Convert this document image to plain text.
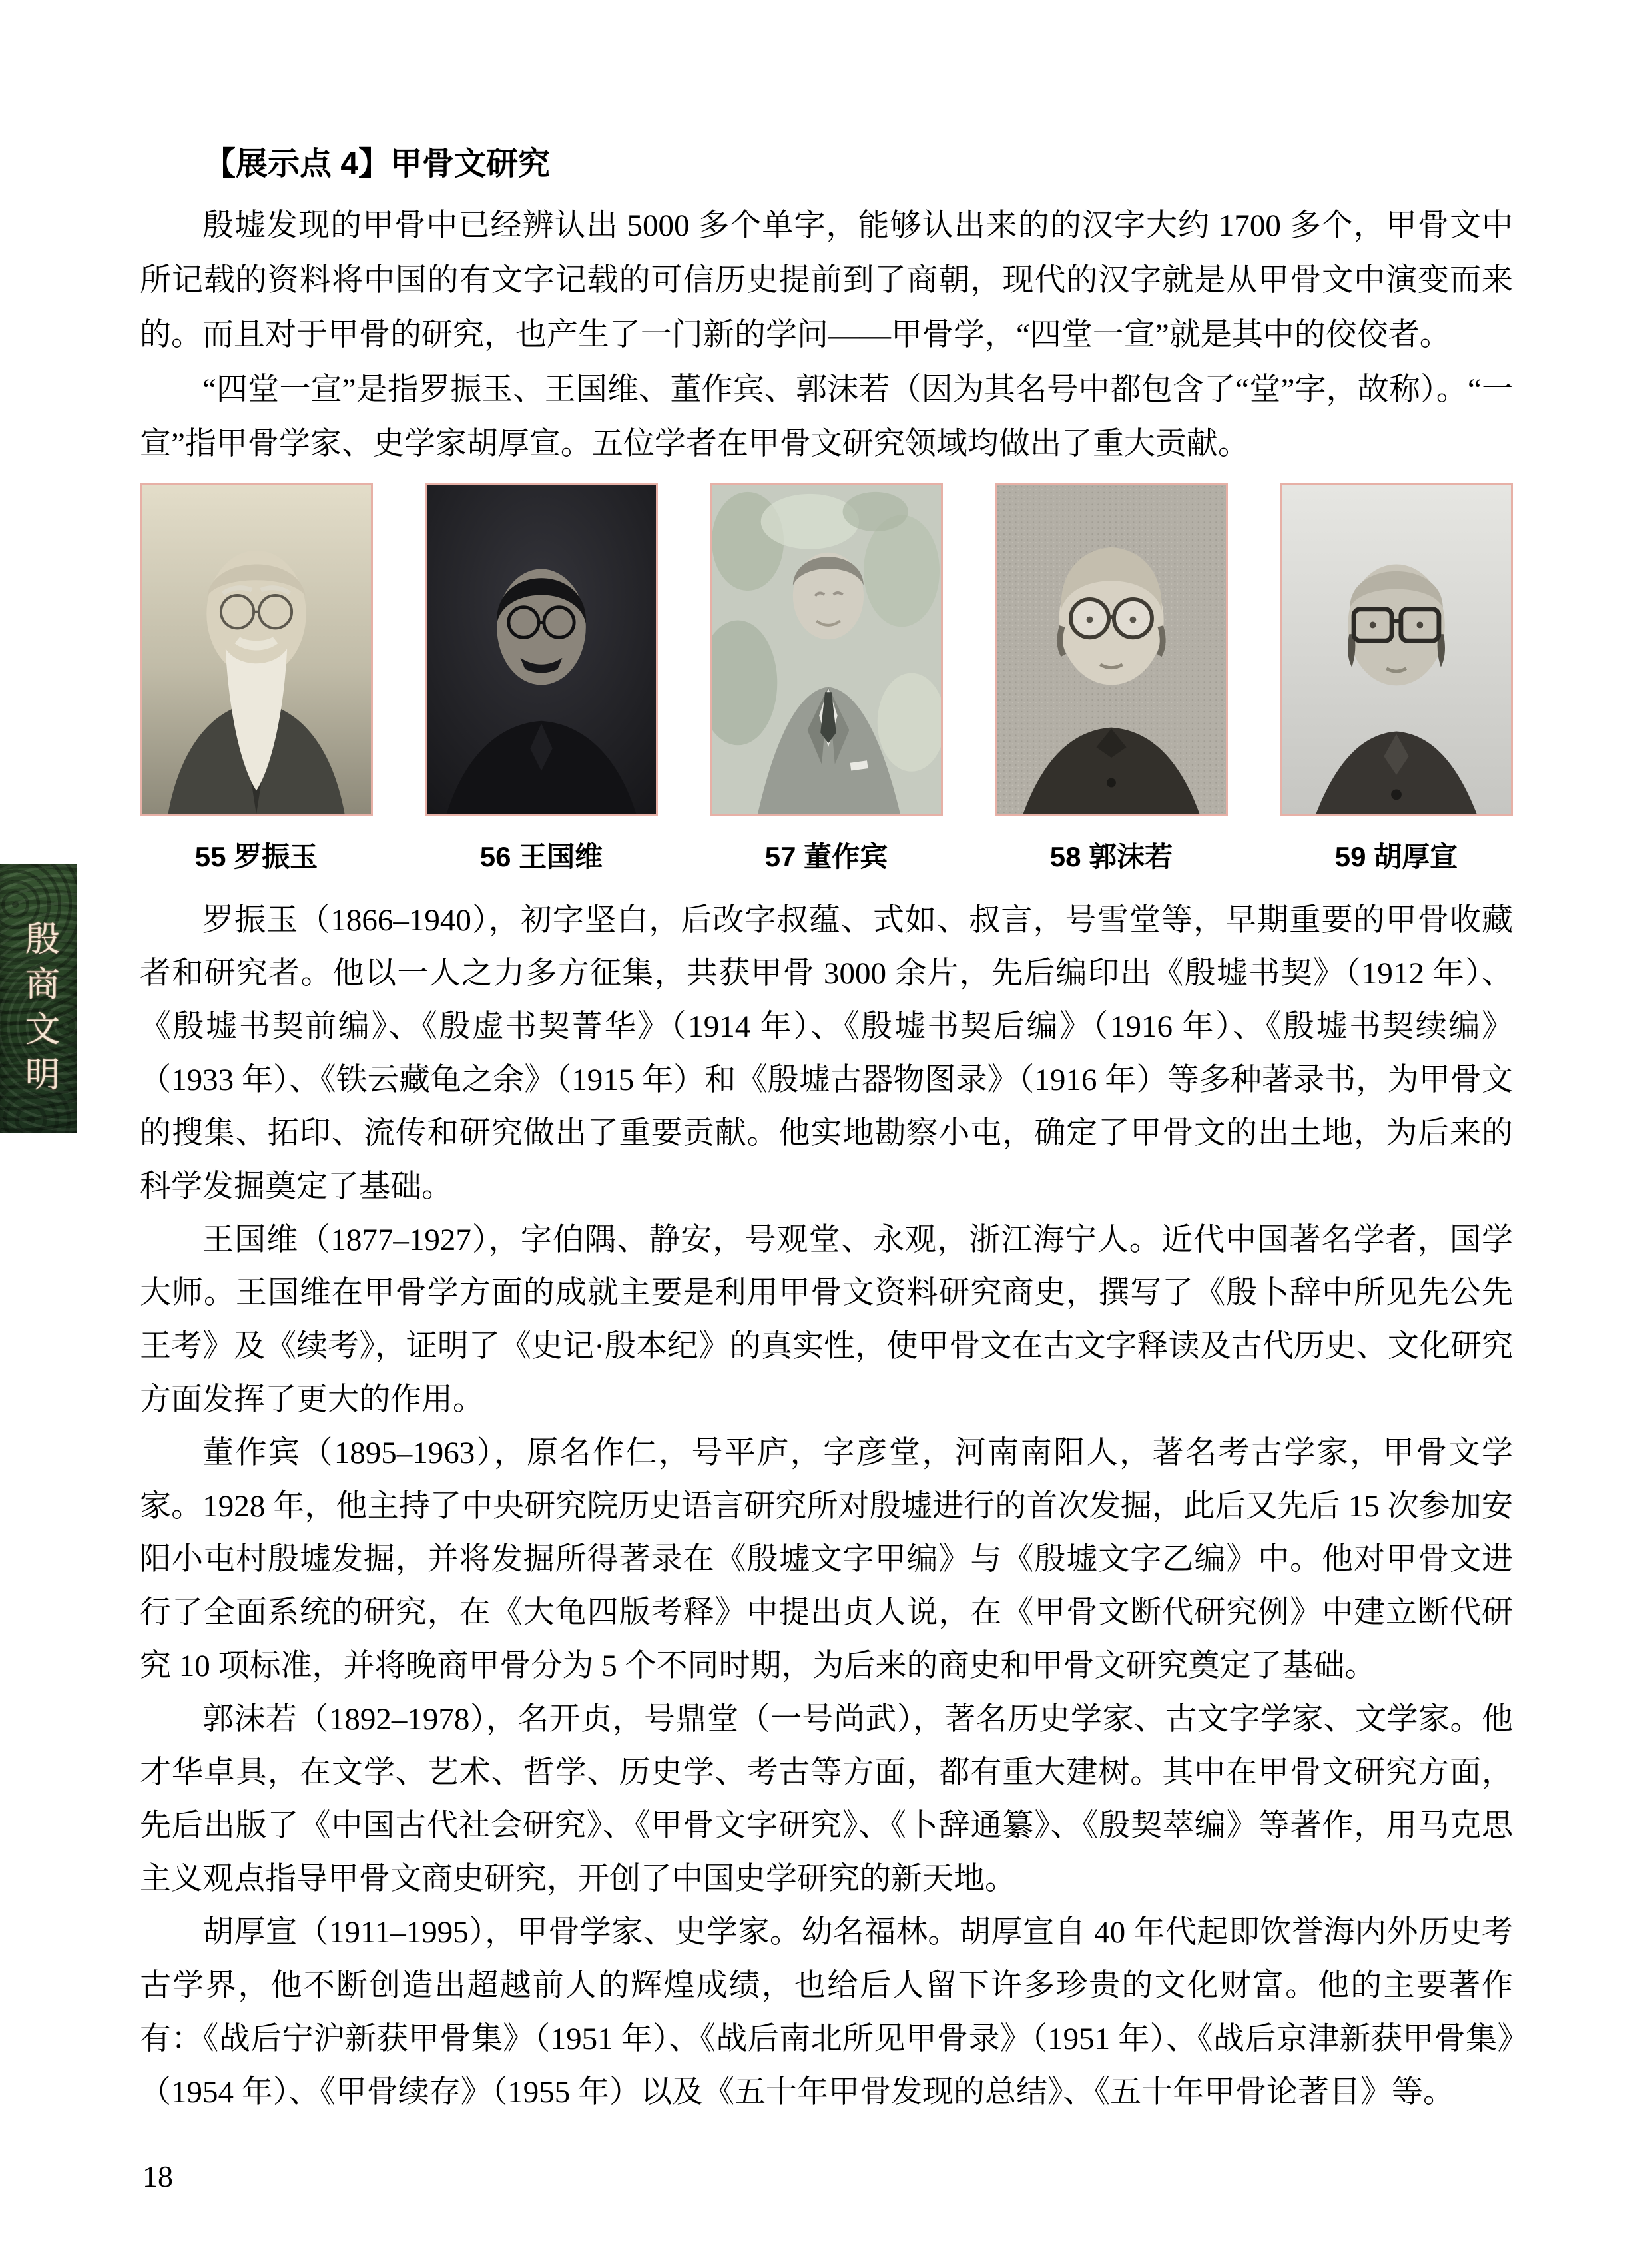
殷商文明
【展示点 4】甲骨文研究

殷墟发现的甲骨中已经辨认出 5000 多个单字，能够认出来的的汉字大约 1700 多个，甲骨文中所记载的资料将中国的有文字记载的可信历史提前到了商朝，现代的汉字就是从甲骨文中演变而来的。而且对于甲骨的研究，也产生了一门新的学问——甲骨学，“四堂一宣”就是其中的佼佼者。

“四堂一宣”是指罗振玉、王国维、董作宾、郭沫若（因为其名号中都包含了“堂”字，故称）。“一宣”指甲骨学家、史学家胡厚宣。五位学者在甲骨文研究领域均做出了重大贡献。

55 罗振玉	56 王国维	57 董作宾	58 郭沫若	59 胡厚宣

罗振玉（1866–1940），初字坚白，后改字叔蕴、式如、叔言，号雪堂等，早期重要的甲骨收藏者和研究者。他以一人之力多方征集，共获甲骨 3000 余片，先后编印出《殷墟书契》（1912 年）、《殷墟书契前编》、《殷虚书契菁华》（1914 年）、《殷墟书契后编》（1916 年）、《殷墟书契续编》（1933 年）、《铁云藏龟之余》（1915 年）和《殷墟古器物图录》（1916 年）等多种著录书，为甲骨文的搜集、拓印、流传和研究做出了重要贡献。他实地勘察小屯，确定了甲骨文的出土地，为后来的科学发掘奠定了基础。

王国维（1877–1927），字伯隅、静安，号观堂、永观，浙江海宁人。近代中国著名学者，国学大师。王国维在甲骨学方面的成就主要是利用甲骨文资料研究商史，撰写了《殷卜辞中所见先公先王考》及《续考》，证明了《史记·殷本纪》的真实性，使甲骨文在古文字释读及古代历史、文化研究方面发挥了更大的作用。

董作宾（1895–1963），原名作仁，号平庐，字彦堂，河南南阳人，著名考古学家，甲骨文学家。1928 年，他主持了中央研究院历史语言研究所对殷墟进行的首次发掘，此后又先后 15 次参加安阳小屯村殷墟发掘，并将发掘所得著录在《殷墟文字甲编》与《殷墟文字乙编》中。他对甲骨文进行了全面系统的研究，在《大龟四版考释》中提出贞人说，在《甲骨文断代研究例》中建立断代研究 10 项标准，并将晚商甲骨分为 5 个不同时期，为后来的商史和甲骨文研究奠定了基础。

郭沫若（1892–1978），名开贞，号鼎堂（一号尚武），著名历史学家、古文字学家、文学家。他才华卓具，在文学、艺术、哲学、历史学、考古等方面，都有重大建树。其中在甲骨文研究方面，先后出版了《中国古代社会研究》、《甲骨文字研究》、《卜辞通纂》、《殷契萃编》等著作，用马克思主义观点指导甲骨文商史研究，开创了中国史学研究的新天地。

胡厚宣（1911–1995），甲骨学家、史学家。幼名福林。胡厚宣自 40 年代起即饮誉海内外历史考古学界，他不断创造出超越前人的辉煌成绩，也给后人留下许多珍贵的文化财富。他的主要著作有：《战后宁沪新获甲骨集》（1951 年）、《战后南北所见甲骨录》（1951 年）、《战后京津新获甲骨集》（1954 年）、《甲骨续存》（1955 年）以及《五十年甲骨发现的总结》、《五十年甲骨论著目》等。

18
